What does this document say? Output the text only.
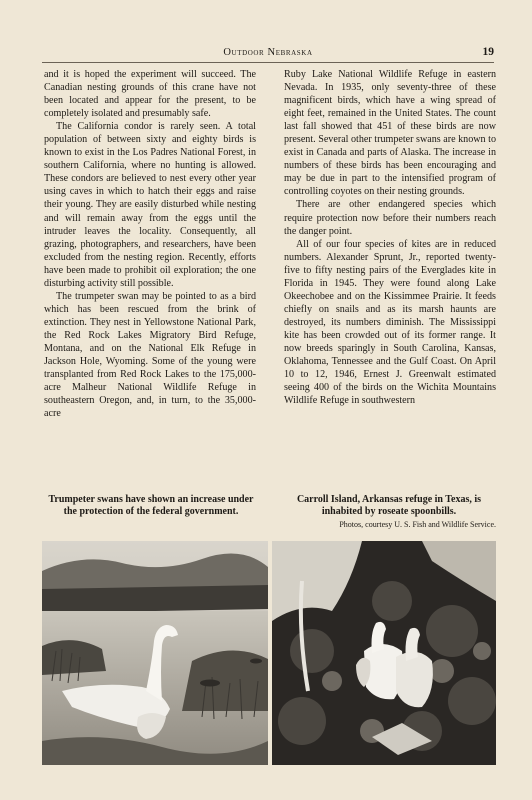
Outdoor Nebraska	19

and it is hoped the experiment will succeed. The Canadian nesting grounds of this crane have not been located and appear for the present, to be completely isolated and presumably safe.

The California condor is rarely seen. A total population of between sixty and eighty birds is known to exist in the Los Padres National Forest, in southern California, where no hunting is allowed. These condors are believed to nest every other year using caves in which to hatch their eggs and raise their young. They are easily disturbed while nesting and will remain away from the eggs until the intruder leaves the locality. Consequently, all grazing, photographers, and researchers, have been excluded from the nesting region. Recently, efforts have been made to prohibit oil exploration; the one disturbing activity still possible.

The trumpeter swan may be pointed to as a bird which has been rescued from the brink of extinction. They nest in Yellowstone National Park, the Red Rock Lakes Migratory Bird Refuge, Montana, and on the National Elk Refuge in Jackson Hole, Wyoming. Some of the young were transplanted from Red Rock Lakes to the 175,000-acre Malheur National Wildlife Refuge in southeastern Oregon, and, in turn, to the 35,000-acre

Ruby Lake National Wildlife Refuge in eastern Nevada. In 1935, only seventy-three of these magnificent birds, which have a wing spread of eight feet, remained in the United States. The count last fall showed that 451 of these birds are now present. Several other trumpeter swans are known to exist in Canada and parts of Alaska. The increase in numbers of these birds has been encouraging and may be due in part to the intensified program of controlling coyotes on their nesting grounds.

There are other endangered species which require protection now before their numbers reach the danger point.

All of our four species of kites are in reduced numbers. Alexander Sprunt, Jr., reported twenty-five to fifty nesting pairs of the Everglades kite in Florida in 1945. They were found along Lake Okeechobee and on the Kissimmee Prairie. It feeds chiefly on snails and as its marsh haunts are destroyed, its numbers diminish. The Mississippi kite has been crowded out of its former range. It now breeds sparingly in South Carolina, Kansas, Oklahoma, Tennessee and the Gulf Coast. On April 10 to 12, 1946, Ernest J. Greenwalt estimated seeing 400 of the birds on the Wichita Mountains Wildlife Refuge in southwestern

Trumpeter swans have shown an increase under the protection of the federal government.
Carroll Island, Arkansas refuge in Texas, is inhabited by roseate spoonbills.
Photos, courtesy U. S. Fish and Wildlife Service.
